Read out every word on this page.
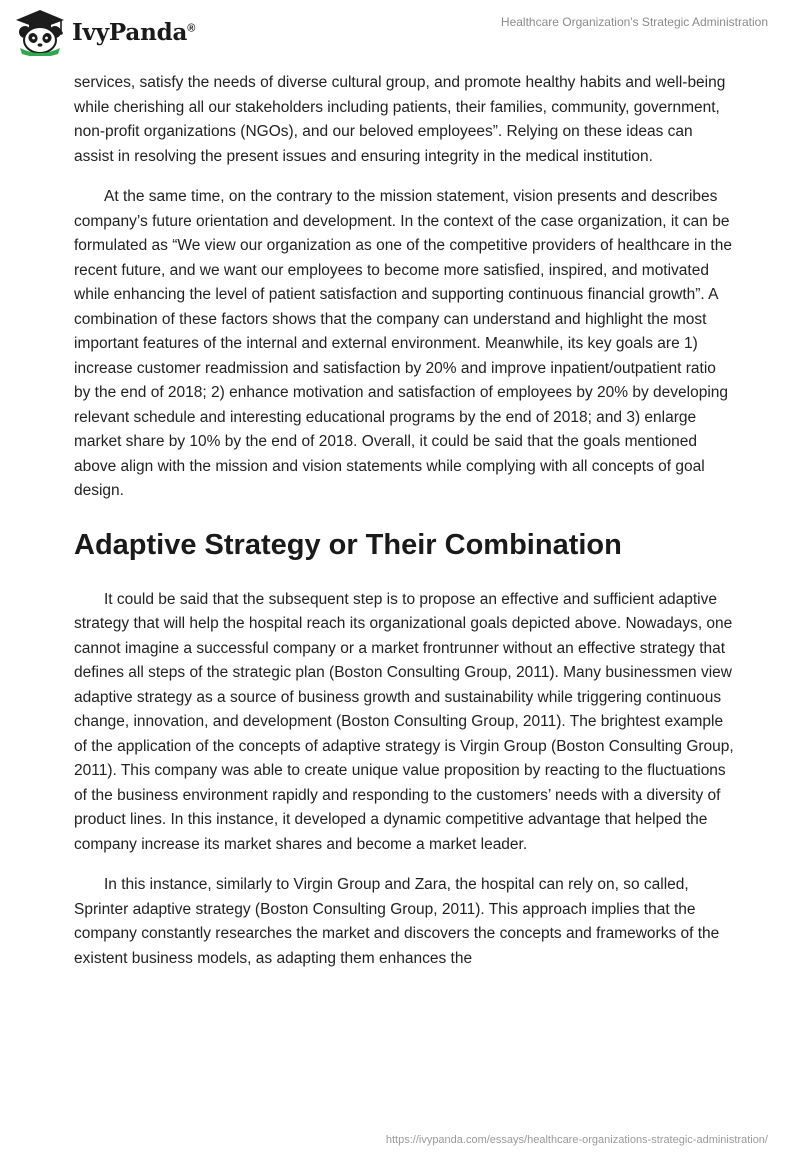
IvyPanda®	Healthcare Organization's Strategic Administration

services, satisfy the needs of diverse cultural group, and promote healthy habits and well-being while cherishing all our stakeholders including patients, their families, community, government, non-profit organizations (NGOs), and our beloved employees”. Relying on these ideas can assist in resolving the present issues and ensuring integrity in the medical institution.

At the same time, on the contrary to the mission statement, vision presents and describes company’s future orientation and development. In the context of the case organization, it can be formulated as “We view our organization as one of the competitive providers of healthcare in the recent future, and we want our employees to become more satisfied, inspired, and motivated while enhancing the level of patient satisfaction and supporting continuous financial growth”. A combination of these factors shows that the company can understand and highlight the most important features of the internal and external environment. Meanwhile, its key goals are 1) increase customer readmission and satisfaction by 20% and improve inpatient/outpatient ratio by the end of 2018; 2) enhance motivation and satisfaction of employees by 20% by developing relevant schedule and interesting educational programs by the end of 2018; and 3) enlarge market share by 10% by the end of 2018. Overall, it could be said that the goals mentioned above align with the mission and vision statements while complying with all concepts of goal design.

Adaptive Strategy or Their Combination

It could be said that the subsequent step is to propose an effective and sufficient adaptive strategy that will help the hospital reach its organizational goals depicted above. Nowadays, one cannot imagine a successful company or a market frontrunner without an effective strategy that defines all steps of the strategic plan (Boston Consulting Group, 2011). Many businessmen view adaptive strategy as a source of business growth and sustainability while triggering continuous change, innovation, and development (Boston Consulting Group, 2011). The brightest example of the application of the concepts of adaptive strategy is Virgin Group (Boston Consulting Group, 2011). This company was able to create unique value proposition by reacting to the fluctuations of the business environment rapidly and responding to the customers’ needs with a diversity of product lines. In this instance, it developed a dynamic competitive advantage that helped the company increase its market shares and become a market leader.

In this instance, similarly to Virgin Group and Zara, the hospital can rely on, so called, Sprinter adaptive strategy (Boston Consulting Group, 2011). This approach implies that the company constantly researches the market and discovers the concepts and frameworks of the existent business models, as adapting them enhances the

https://ivypanda.com/essays/healthcare-organizations-strategic-administration/
